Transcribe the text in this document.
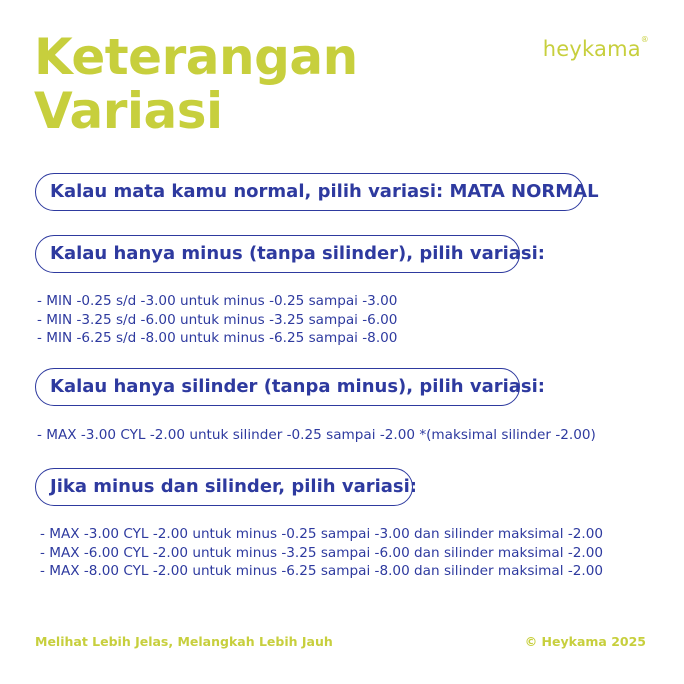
Keterangan
Variasi
heykama®
Kalau mata kamu normal, pilih variasi: MATA NORMAL
Kalau hanya minus (tanpa silinder), pilih variasi:
- MIN -0.25 s/d -3.00 untuk minus -0.25 sampai -3.00
- MIN -3.25 s/d -6.00 untuk minus -3.25 sampai -6.00
- MIN -6.25 s/d -8.00 untuk minus -6.25 sampai -8.00
Kalau hanya silinder (tanpa minus), pilih variasi:
- MAX -3.00 CYL -2.00 untuk silinder -0.25 sampai -2.00 *(maksimal silinder -2.00)
Jika minus dan silinder, pilih variasi:
- MAX -3.00 CYL -2.00 untuk minus -0.25 sampai -3.00 dan silinder maksimal -2.00
- MAX -6.00 CYL -2.00 untuk minus -3.25 sampai -6.00 dan silinder maksimal -2.00
- MAX -8.00 CYL -2.00 untuk minus -6.25 sampai -8.00 dan silinder maksimal -2.00
Melihat Lebih Jelas, Melangkah Lebih Jauh	© Heykama 2025
